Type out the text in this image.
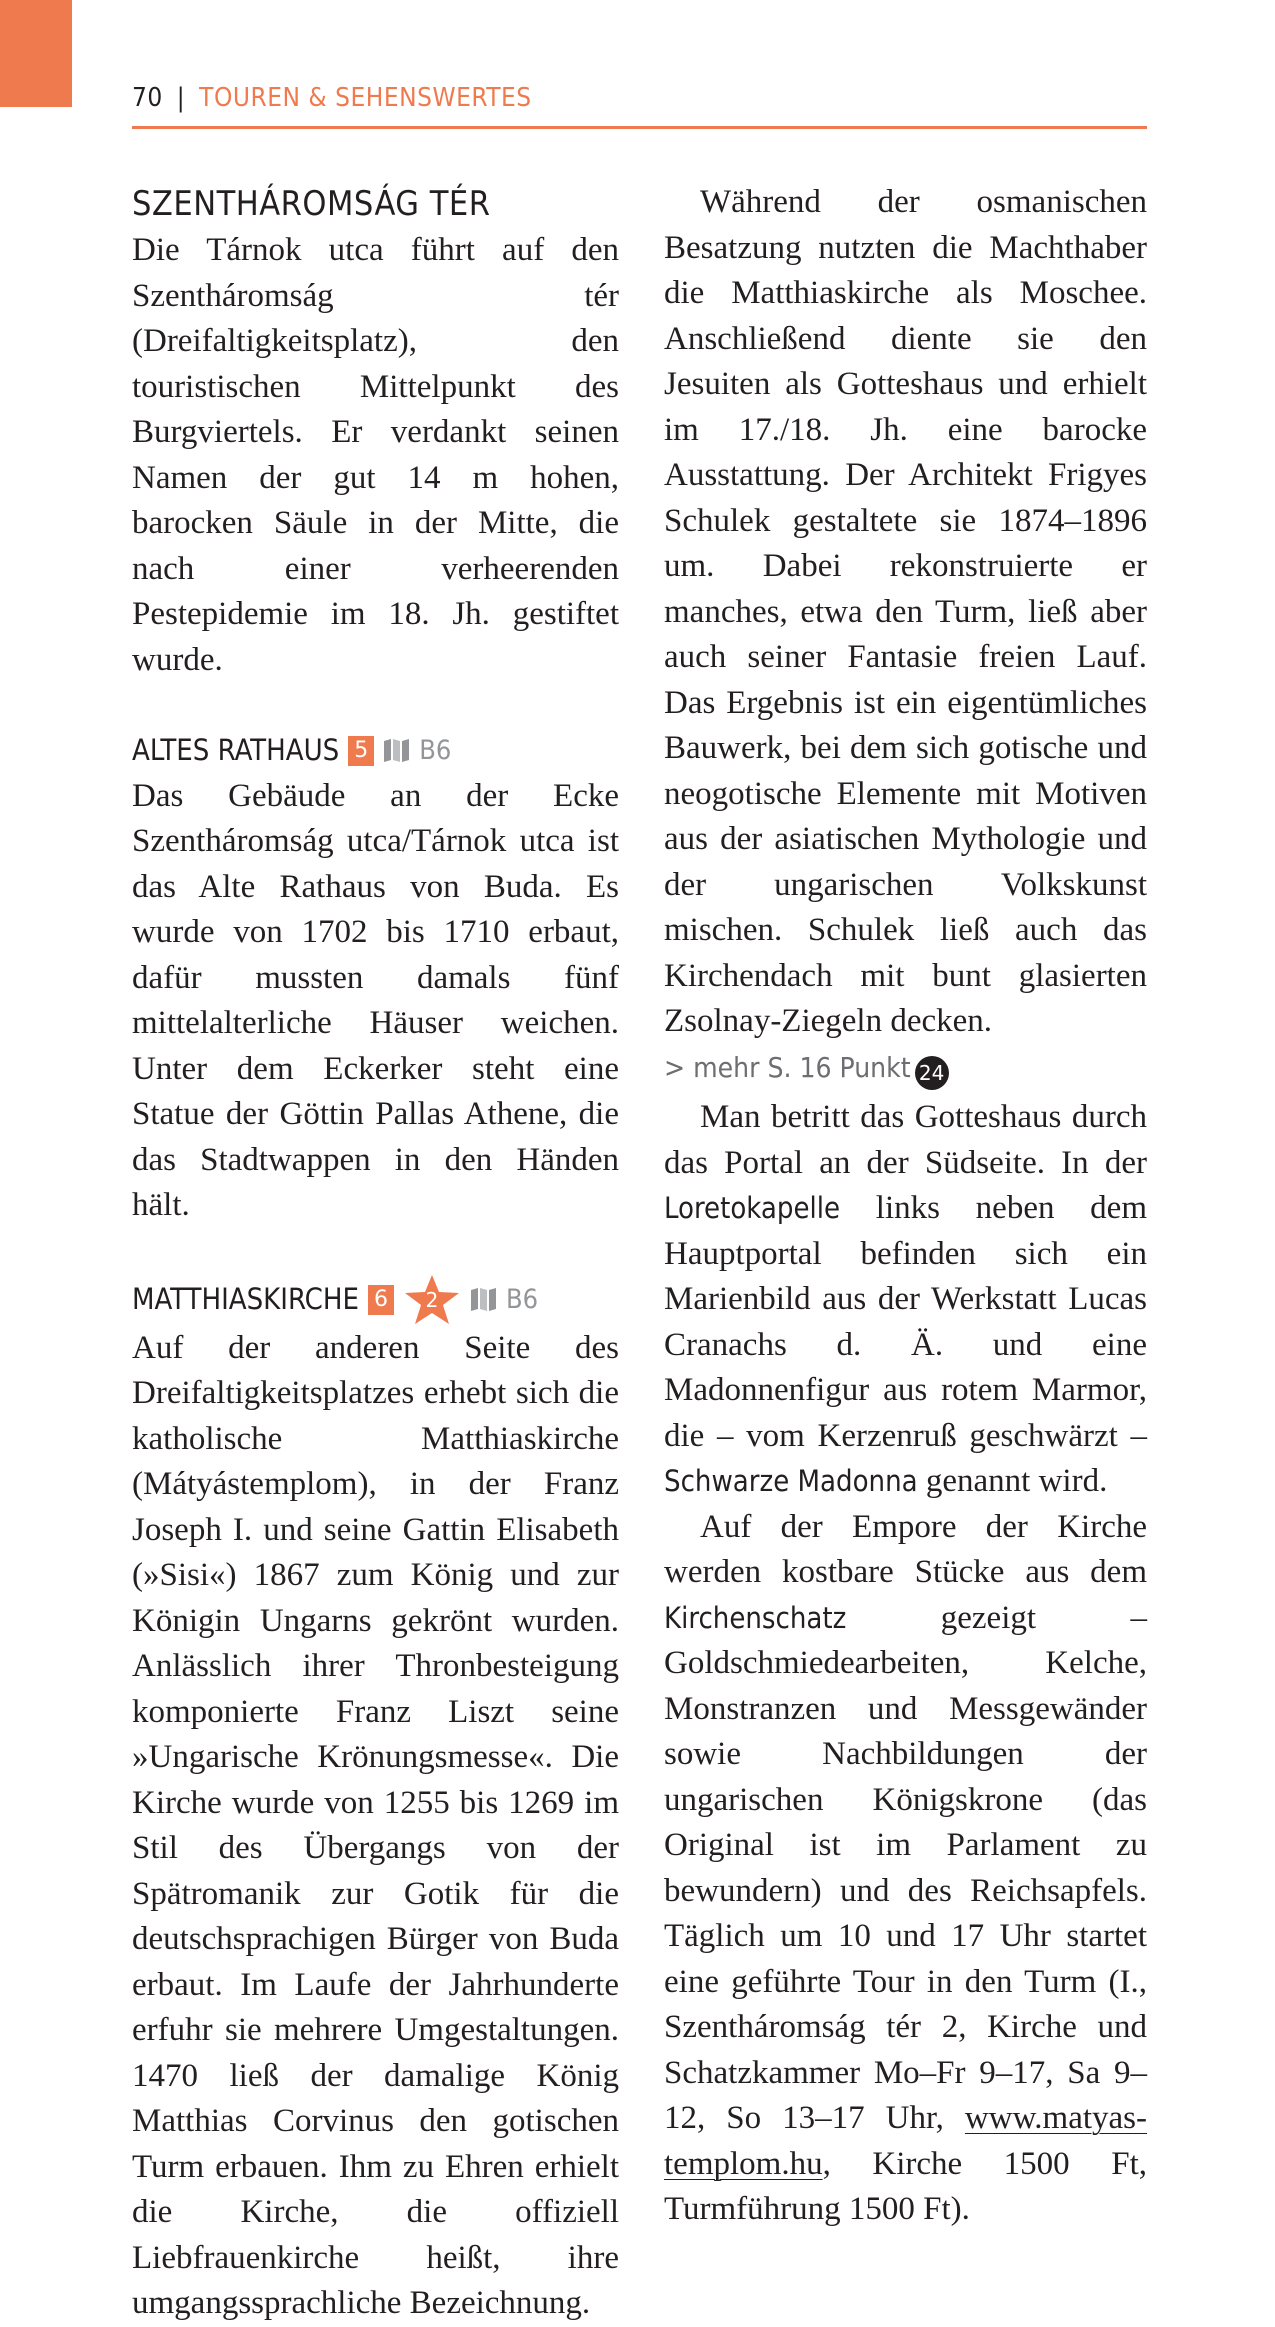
70 | TOUREN & SEHENSWERTES
SZENTHÁROMSÁG TÉR

Die Tárnok utca führt auf den Szentháromság tér (Dreifaltigkeitsplatz), den touristischen Mittelpunkt des Burgviertels. Er verdankt seinen Namen der gut 14 m hohen, barocken Säule in der Mitte, die nach einer verheerenden Pestepidemie im 18. Jh. gestiftet wurde.

ALTES RATHAUS 5 B6

Das Gebäude an der Ecke Szentháromság utca/Tárnok utca ist das Alte Rathaus von Buda. Es wurde von 1702 bis 1710 erbaut, dafür mussten damals fünf mittelalterliche Häuser weichen. Unter dem Eckerker steht eine Statue der Göttin Pallas Athene, die das Stadtwappen in den Händen hält.

MATTHIASKIRCHE 6	2	B6

Auf der anderen Seite des Dreifaltigkeitsplatzes erhebt sich die katholische Matthiaskirche (Mátyástemplom), in der Franz Joseph I. und seine Gattin Elisabeth (»Sisi«) 1867 zum König und zur Königin Ungarns gekrönt wurden. Anlässlich ihrer Thronbesteigung komponierte Franz Liszt seine »Ungarische Krönungsmesse«. Die Kirche wurde von 1255 bis 1269 im Stil des Übergangs von der Spätromanik zur Gotik für die deutschsprachigen Bürger von Buda erbaut. Im Laufe der Jahrhunderte erfuhr sie mehrere Umgestaltungen. 1470 ließ der damalige König Matthias Corvinus den gotischen Turm erbauen. Ihm zu Ehren erhielt die Kirche, die offiziell Liebfrauenkirche heißt, ihre umgangssprachliche Bezeichnung.

Während der osmanischen Besatzung nutzten die Machthaber die Matthiaskirche als Moschee. Anschließend diente sie den Jesuiten als Gotteshaus und erhielt im 17./18. Jh. eine barocke Ausstattung. Der Architekt Frigyes Schulek gestaltete sie 1874–1896 um. Dabei rekonstruierte er manches, etwa den Turm, ließ aber auch seiner Fantasie freien Lauf. Das Ergebnis ist ein eigentümliches Bauwerk, bei dem sich gotische und neogotische Elemente mit Motiven aus der asiatischen Mythologie und der ungarischen Volkskunst mischen. Schulek ließ auch das Kirchendach mit bunt glasierten Zsolnay-Ziegeln decken.

> mehr S. 16 Punkt 24

Man betritt das Gotteshaus durch das Portal an der Südseite. In der Loretokapelle links neben dem Hauptportal befinden sich ein Marienbild aus der Werkstatt Lucas Cranachs d. Ä. und eine Madonnenfigur aus rotem Marmor, die – vom Kerzenruß geschwärzt – Schwarze Madonna genannt wird.

Auf der Empore der Kirche werden kostbare Stücke aus dem Kirchenschatz	gezeigt – Goldschmiedearbeiten, Kelche, Monstranzen und Messgewänder sowie Nachbildungen der ungarischen Königskrone (das Original ist im Parlament zu bewundern) und des Reichsapfels. Täglich um 10 und 17 Uhr startet eine geführte Tour in den Turm (I., Szentháromság tér 2, Kirche und Schatzkammer Mo–Fr 9–17, Sa 9–12, So 13–17 Uhr, www.matyas-templom.hu, Kirche 1500 Ft, Turmführung 1500 Ft).
